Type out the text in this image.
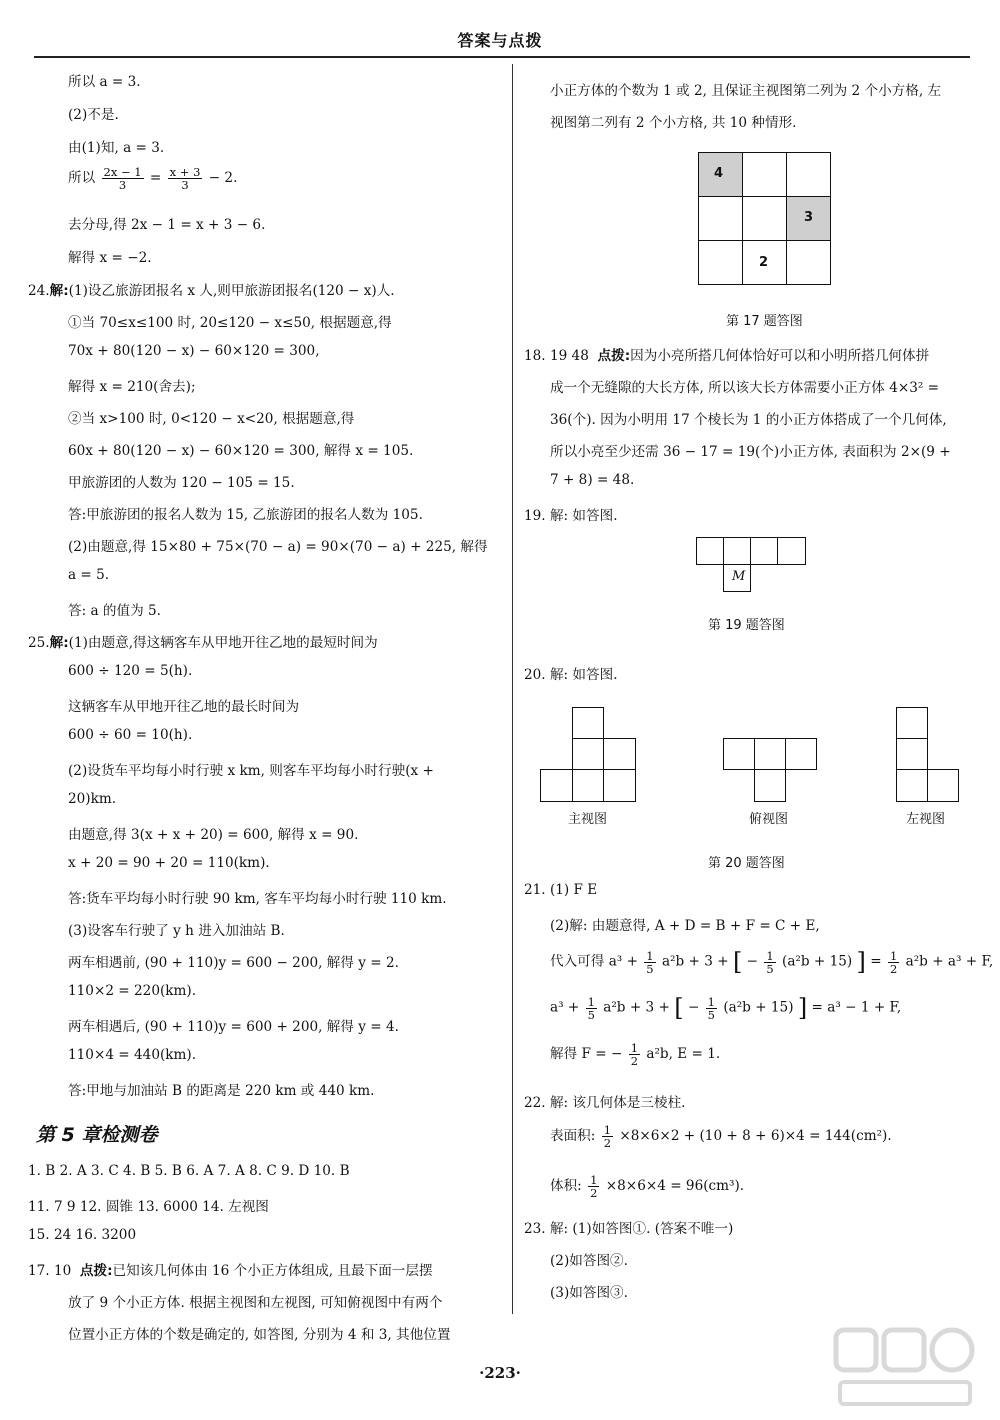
答案与点拨
所以 a = 3.
(2)不是.
由(1)知, a = 3.
所以 $\frac{2x - 1}{3} = \frac{x + 3}{3} - 2$.
去分母,得 2x − 1 = x + 3 − 6.
解得 x = −2.
24.解:(1)设乙旅游团报名 x 人,则甲旅游团报名(120 − x)人.
①当 70≤x≤100 时, 20≤120 − x≤50, 根据题意,得
70x + 80(120 − x) − 60×120 = 300,
解得 x = 210(舍去);
②当 x>100 时, 0<120 − x<20, 根据题意,得
60x + 80(120 − x) − 60×120 = 300, 解得 x = 105.
甲旅游团的人数为 120 − 105 = 15.
答:甲旅游团的报名人数为 15, 乙旅游团的报名人数为 105.
(2)由题意,得 15×80 + 75×(70 − a) = 90×(70 − a) + 225, 解得
a = 5.
答: a 的值为 5.
25.解:(1)由题意,得这辆客车从甲地开往乙地的最短时间为
600 ÷ 120 = 5(h).
这辆客车从甲地开往乙地的最长时间为
600 ÷ 60 = 10(h).
(2)设货车平均每小时行驶 x km, 则客车平均每小时行驶(x +
20)km.
由题意,得 3(x + x + 20) = 600, 解得 x = 90.
x + 20 = 90 + 20 = 110(km).
答:货车平均每小时行驶 90 km, 客车平均每小时行驶 110 km.
(3)设客车行驶了 y h 进入加油站 B.
两车相遇前, (90 + 110)y = 600 − 200, 解得 y = 2.
110×2 = 220(km).
两车相遇后, (90 + 110)y = 600 + 200, 解得 y = 4.
110×4 = 440(km).
答:甲地与加油站 B 的距离是 220 km 或 440 km.
第 5 章检测卷
1. B 2. A 3. C 4. B 5. B 6. A 7. A 8. C 9. D 10. B
11. 7 9 12. 圆锥 13. 6000 14. 左视图
15. 24 16. 3200
17. 10 点拨:已知该几何体由 16 个小正方体组成, 且最下面一层摆
放了 9 个小正方体. 根据主视图和左视图, 可知俯视图中有两个
位置小正方体的个数是确定的, 如答图, 分别为 4 和 3, 其他位置
小正方体的个数为 1 或 2, 且保证主视图第二列为 2 个小方格, 左
视图第二列有 2 个小方格, 共 10 种情形.
4
3
2
第 17 题答图
18. 19 48 点拨:因为小亮所搭几何体恰好可以和小明所搭几何体拼
成一个无缝隙的大长方体, 所以该大长方体需要小正方体 4×3² =
36(个). 因为小明用 17 个棱长为 1 的小正方体搭成了一个几何体,
所以小亮至少还需 36 − 17 = 19(个)小正方体, 表面积为 2×(9 +
7 + 8) = 48.
19. 解: 如答图.
M
第 19 题答图
20. 解: 如答图.
主视图	俯视图	左视图
第 20 题答图
21. (1) F E
(2)解: 由题意得, A + D = B + F = C + E,
代入可得 $a^3 + \frac{1}{5} a^2b + 3$ + [ − $\frac{1}{5} (a^2b + 15)$ ] = $\frac{1}{2} a^2b + a^3 + F$,
$a^3 + \frac{1}{5} a^2b + 3$ + [ − $\frac{1}{5} (a^2b + 15)$ ] = a³ − 1 + F,
解得 F = − $\frac{1}{2} a^2b$, E = 1.
22. 解: 该几何体是三棱柱.
表面积: $\frac{1}{2} \times 8\times 6\times 2 + (10 + 8 + 6)\times 4 = 144(cm^2)$.
体积: $\frac{1}{2} \times 8\times 6\times 4 = 96(cm^3)$.
23. 解: (1)如答图①. (答案不唯一)
(2)如答图②.
(3)如答图③.
·223·
